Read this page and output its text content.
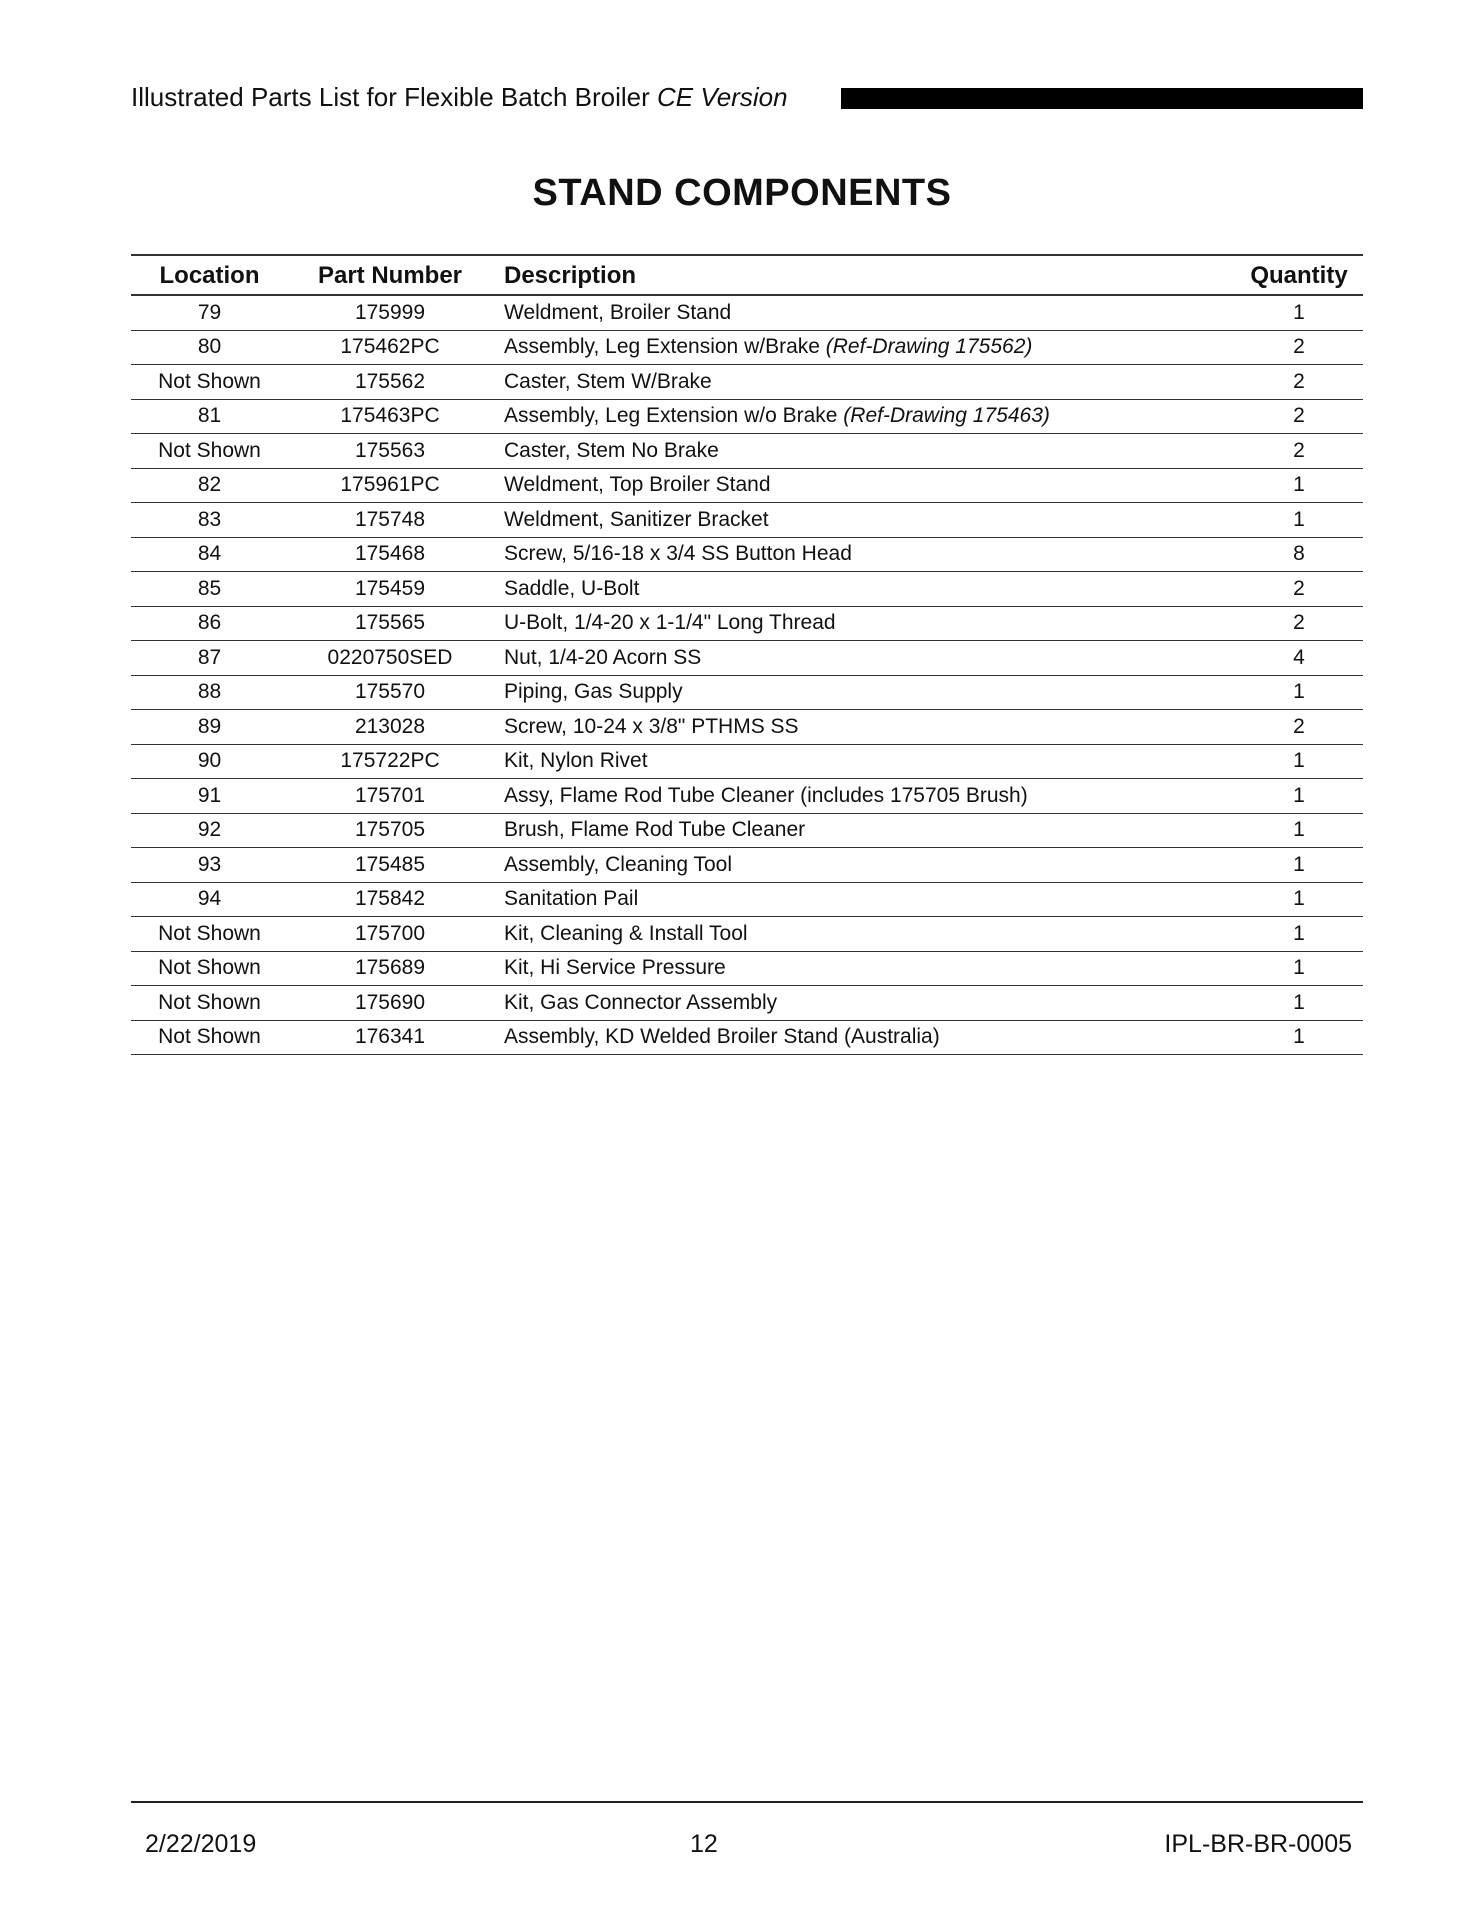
Illustrated Parts List for Flexible Batch Broiler CE Version
STAND COMPONENTS
Location	Part Number	Description	Quantity
79	175999	Weldment, Broiler Stand	1
80	175462PC	Assembly, Leg Extension w/Brake (Ref-Drawing 175562)	2
Not Shown	175562	Caster, Stem W/Brake	2
81	175463PC	Assembly, Leg Extension w/o Brake (Ref-Drawing 175463)	2
Not Shown	175563	Caster, Stem No Brake	2
82	175961PC	Weldment, Top Broiler Stand	1
83	175748	Weldment, Sanitizer Bracket	1
84	175468	Screw, 5/16-18 x 3/4 SS Button Head	8
85	175459	Saddle, U-Bolt	2
86	175565	U-Bolt, 1/4-20 x 1-1/4" Long Thread	2
87	0220750SED	Nut, 1/4-20 Acorn SS	4
88	175570	Piping, Gas Supply	1
89	213028	Screw, 10-24 x 3/8" PTHMS SS	2
90	175722PC	Kit, Nylon Rivet	1
91	175701	Assy, Flame Rod Tube Cleaner (includes 175705 Brush)	1
92	175705	Brush, Flame Rod Tube Cleaner	1
93	175485	Assembly, Cleaning Tool	1
94	175842	Sanitation Pail	1
Not Shown	175700	Kit, Cleaning & Install Tool	1
Not Shown	175689	Kit, Hi Service Pressure	1
Not Shown	175690	Kit, Gas Connector Assembly	1
Not Shown	176341	Assembly, KD Welded Broiler Stand (Australia)	1
2/22/2019	12	IPL-BR-BR-0005
